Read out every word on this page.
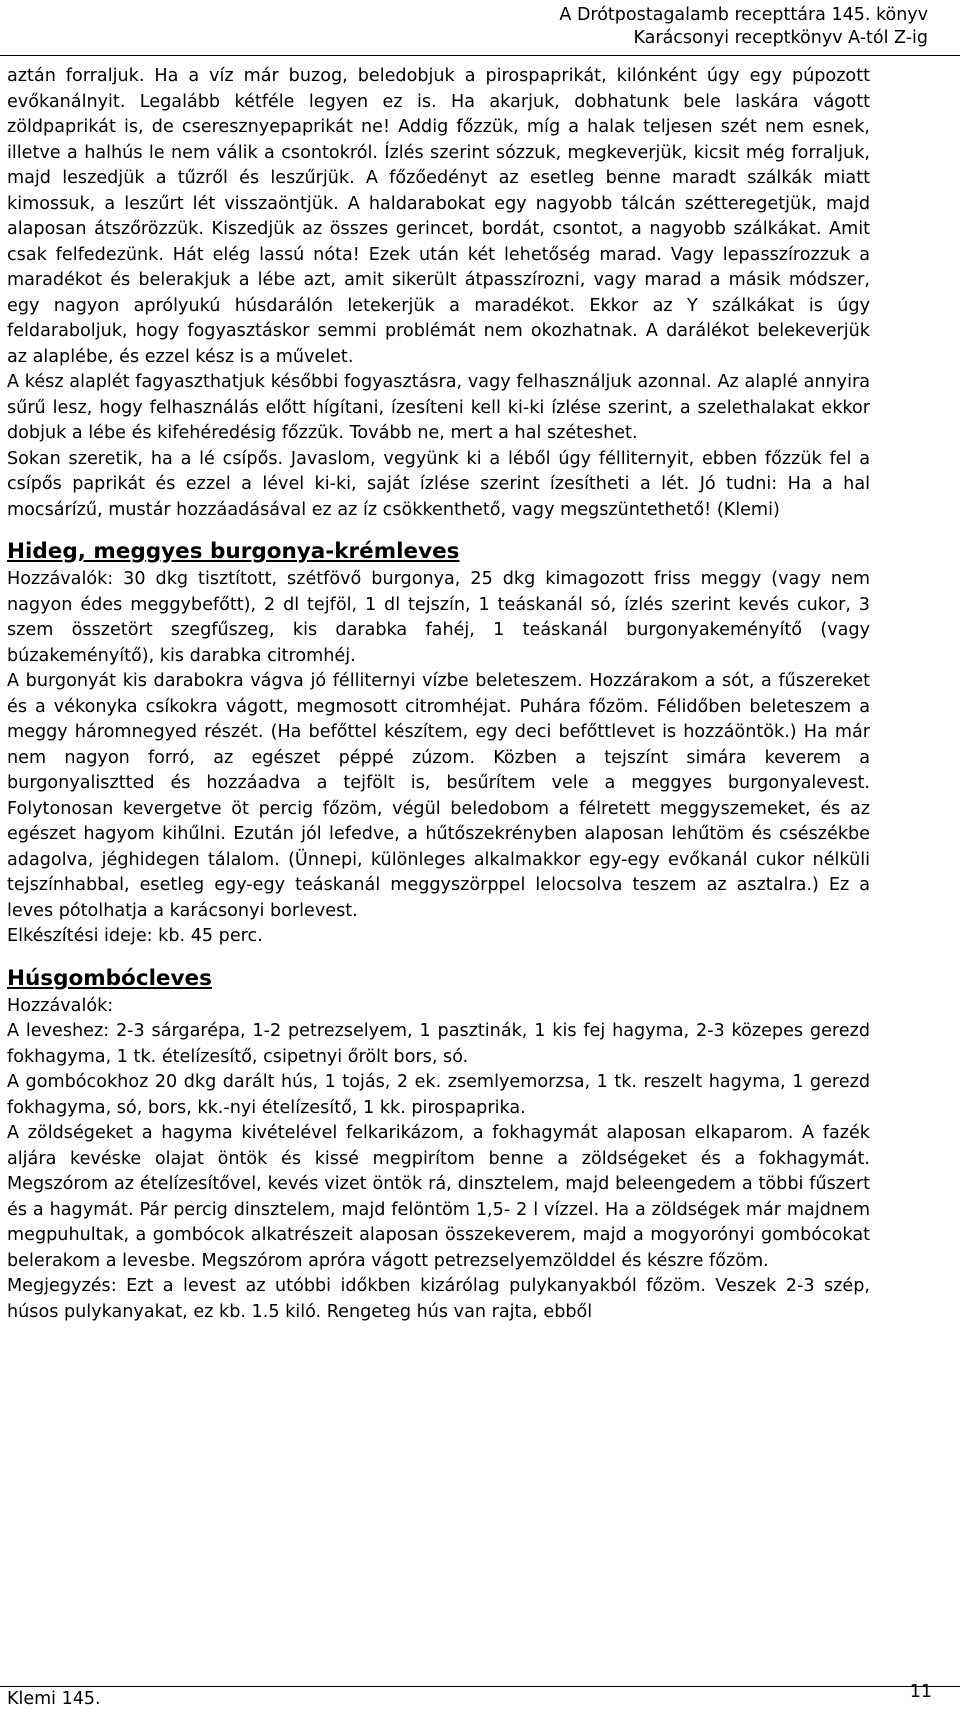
A Drótpostagalamb recepttára 145. könyv
Karácsonyi receptkönyv A-tól Z-ig

aztán forraljuk. Ha a víz már buzog, beledobjuk a pirospaprikát, kilónként úgy egy púpozott evőkanálnyit. Legalább kétféle legyen ez is. Ha akarjuk, dobhatunk bele laskára vágott zöldpaprikát is, de cseresznyepaprikát ne! Addig főzzük, míg a halak teljesen szét nem esnek, illetve a halhús le nem válik a csontokról. Ízlés szerint sózzuk, megkeverjük, kicsit még forraljuk, majd leszedjük a tűzről és leszűrjük. A főzőedényt az esetleg benne maradt szálkák miatt kimossuk, a leszűrt lét visszaöntjük. A haldarabokat egy nagyobb tálcán szétteregetjük, majd alaposan átszőrözzük. Kiszedjük az összes gerincet, bordát, csontot, a nagyobb szálkákat. Amit csak felfedezünk. Hát elég lassú nóta! Ezek után két lehetőség marad. Vagy lepasszírozzuk a maradékot és belerakjuk a lébe azt, amit sikerült átpasszírozni, vagy marad a másik módszer, egy nagyon aprólyukú húsdarálón letekerjük a maradékot. Ekkor az Y szálkákat is úgy feldaraboljuk, hogy fogyasztáskor semmi problémát nem okozhatnak. A darálékot belekeverjük az alaplébe, és ezzel kész is a művelet.

A kész alaplét fagyaszthatjuk későbbi fogyasztásra, vagy felhasználjuk azonnal. Az alaplé annyira sűrű lesz, hogy felhasználás előtt hígítani, ízesíteni kell ki-ki ízlése szerint, a szelethalakat ekkor dobjuk a lébe és kifehéredésig főzzük. Tovább ne, mert a hal széteshet.

Sokan szeretik, ha a lé csípős. Javaslom, vegyünk ki a léből úgy félliternyit, ebben főzzük fel a csípős paprikát és ezzel a lével ki-ki, saját ízlése szerint ízesítheti a lét. Jó tudni: Ha a hal mocsárízű, mustár hozzáadásával ez az íz csökkenthető, vagy megszüntethető! (Klemi)

Hideg, meggyes burgonya-krémleves

Hozzávalók: 30 dkg tisztított, szétfövő burgonya, 25 dkg kimagozott friss meggy (vagy nem nagyon édes meggybefőtt), 2 dl tejföl, 1 dl tejszín, 1 teáskanál só, ízlés szerint kevés cukor, 3 szem összetört szegfűszeg, kis darabka fahéj, 1 teáskanál burgonyakeményítő (vagy búzakeményítő), kis darabka citromhéj.

A burgonyát kis darabokra vágva jó félliternyi vízbe beleteszem. Hozzárakom a sót, a fűszereket és a vékonyka csíkokra vágott, megmosott citromhéjat. Puhára főzöm. Félidőben beleteszem a meggy háromnegyed részét. (Ha befőttel készítem, egy deci befőttlevet is hozzáöntök.) Ha már nem nagyon forró, az egészet péppé zúzom. Közben a tejszínt simára keverem a burgonyalisztted és hozzáadva a tejfölt is, besűrítem vele a meggyes burgonyalevest. Folytonosan kevergetve öt percig főzöm, végül beledobom a félretett meggyszemeket, és az egészet hagyom kihűlni. Ezután jól lefedve, a hűtőszekrényben alaposan lehűtöm és csészékbe adagolva, jéghidegen tálalom. (Ünnepi, különleges alkalmakkor egy-egy evőkanál cukor nélküli tejszínhabbal, esetleg egy-egy teáskanál meggyszörppel lelocsolva teszem az asztalra.) Ez a leves pótolhatja a karácsonyi borlevest.

Elkészítési ideje: kb. 45 perc.

Húsgombócleves

Hozzávalók:

A leveshez: 2-3 sárgarépa, 1-2 petrezselyem, 1 pasztinák, 1 kis fej hagyma, 2-3 közepes gerezd fokhagyma, 1 tk. ételízesítő, csipetnyi őrölt bors, só.

A gombócokhoz 20 dkg darált hús, 1 tojás, 2 ek. zsemlyemorzsa, 1 tk. reszelt hagyma, 1 gerezd fokhagyma, só, bors, kk.-nyi ételízesítő, 1 kk. pirospaprika.

A zöldségeket a hagyma kivételével felkarikázom, a fokhagymát alaposan elkaparom. A fazék aljára kevéske olajat öntök és kissé megpirítom benne a zöldségeket és a fokhagymát. Megszórom az ételízesítővel, kevés vizet öntök rá, dinsztelem, majd beleengedem a többi fűszert és a hagymát. Pár percig dinsztelem, majd felöntöm 1,5- 2 l vízzel. Ha a zöldségek már majdnem megpuhultak, a gombócok alkatrészeit alaposan összekeverem, majd a mogyorónyi gombócokat belerakom a levesbe. Megszórom apróra vágott petrezselyemzölddel és készre főzöm.

Megjegyzés: Ezt a levest az utóbbi időkben kizárólag pulykanyakból főzöm. Veszek 2-3 szép, húsos pulykanyakat, ez kb. 1.5 kiló. Rengeteg hús van rajta, ebből

Klemi 145.	11
